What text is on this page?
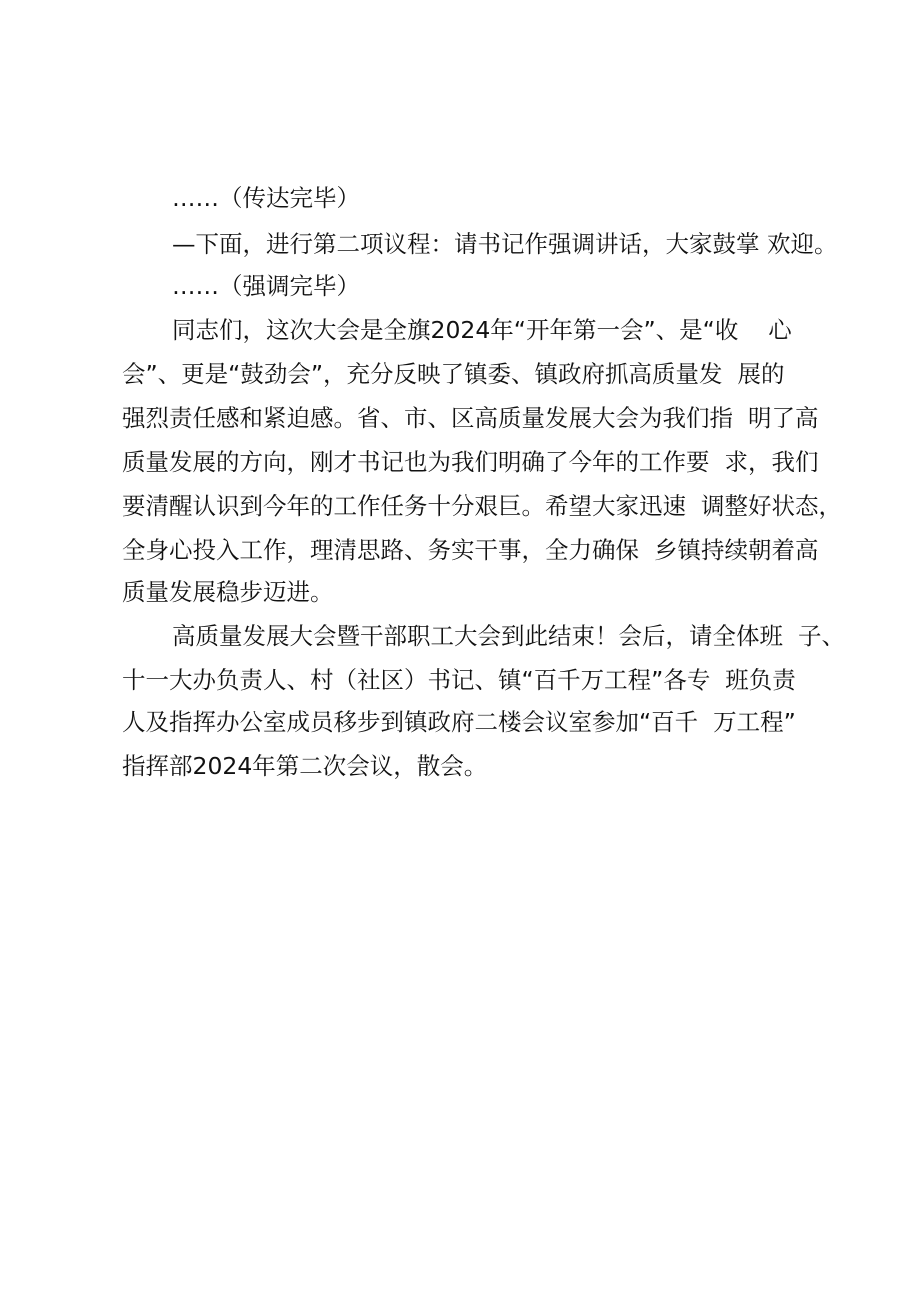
……（传达完毕）
—下面，进行第二项议程：请书记作强调讲话，大家鼓掌 欢迎。
……（强调完毕）
同志们，这次大会是全旗2024年“开年第一会”、是“收    心
会”、更是“鼓劲会”，充分反映了镇委、镇政府抓高质量发  展的
强烈责任感和紧迫感。省、市、区高质量发展大会为我们指  明了高
质量发展的方向，刚才书记也为我们明确了今年的工作要  求，我们
要清醒认识到今年的工作任务十分艰巨。希望大家迅速  调整好状态，
全身心投入工作，理清思路、务实干事，全力确保  乡镇持续朝着高
质量发展稳步迈进。
高质量发展大会暨干部职工大会到此结束！会后，请全体班  子、
十一大办负责人、村（社区）书记、镇“百千万工程”各专  班负责
人及指挥办公室成员移步到镇政府二楼会议室参加“百千  万工程”
指挥部2024年第二次会议，散会。
